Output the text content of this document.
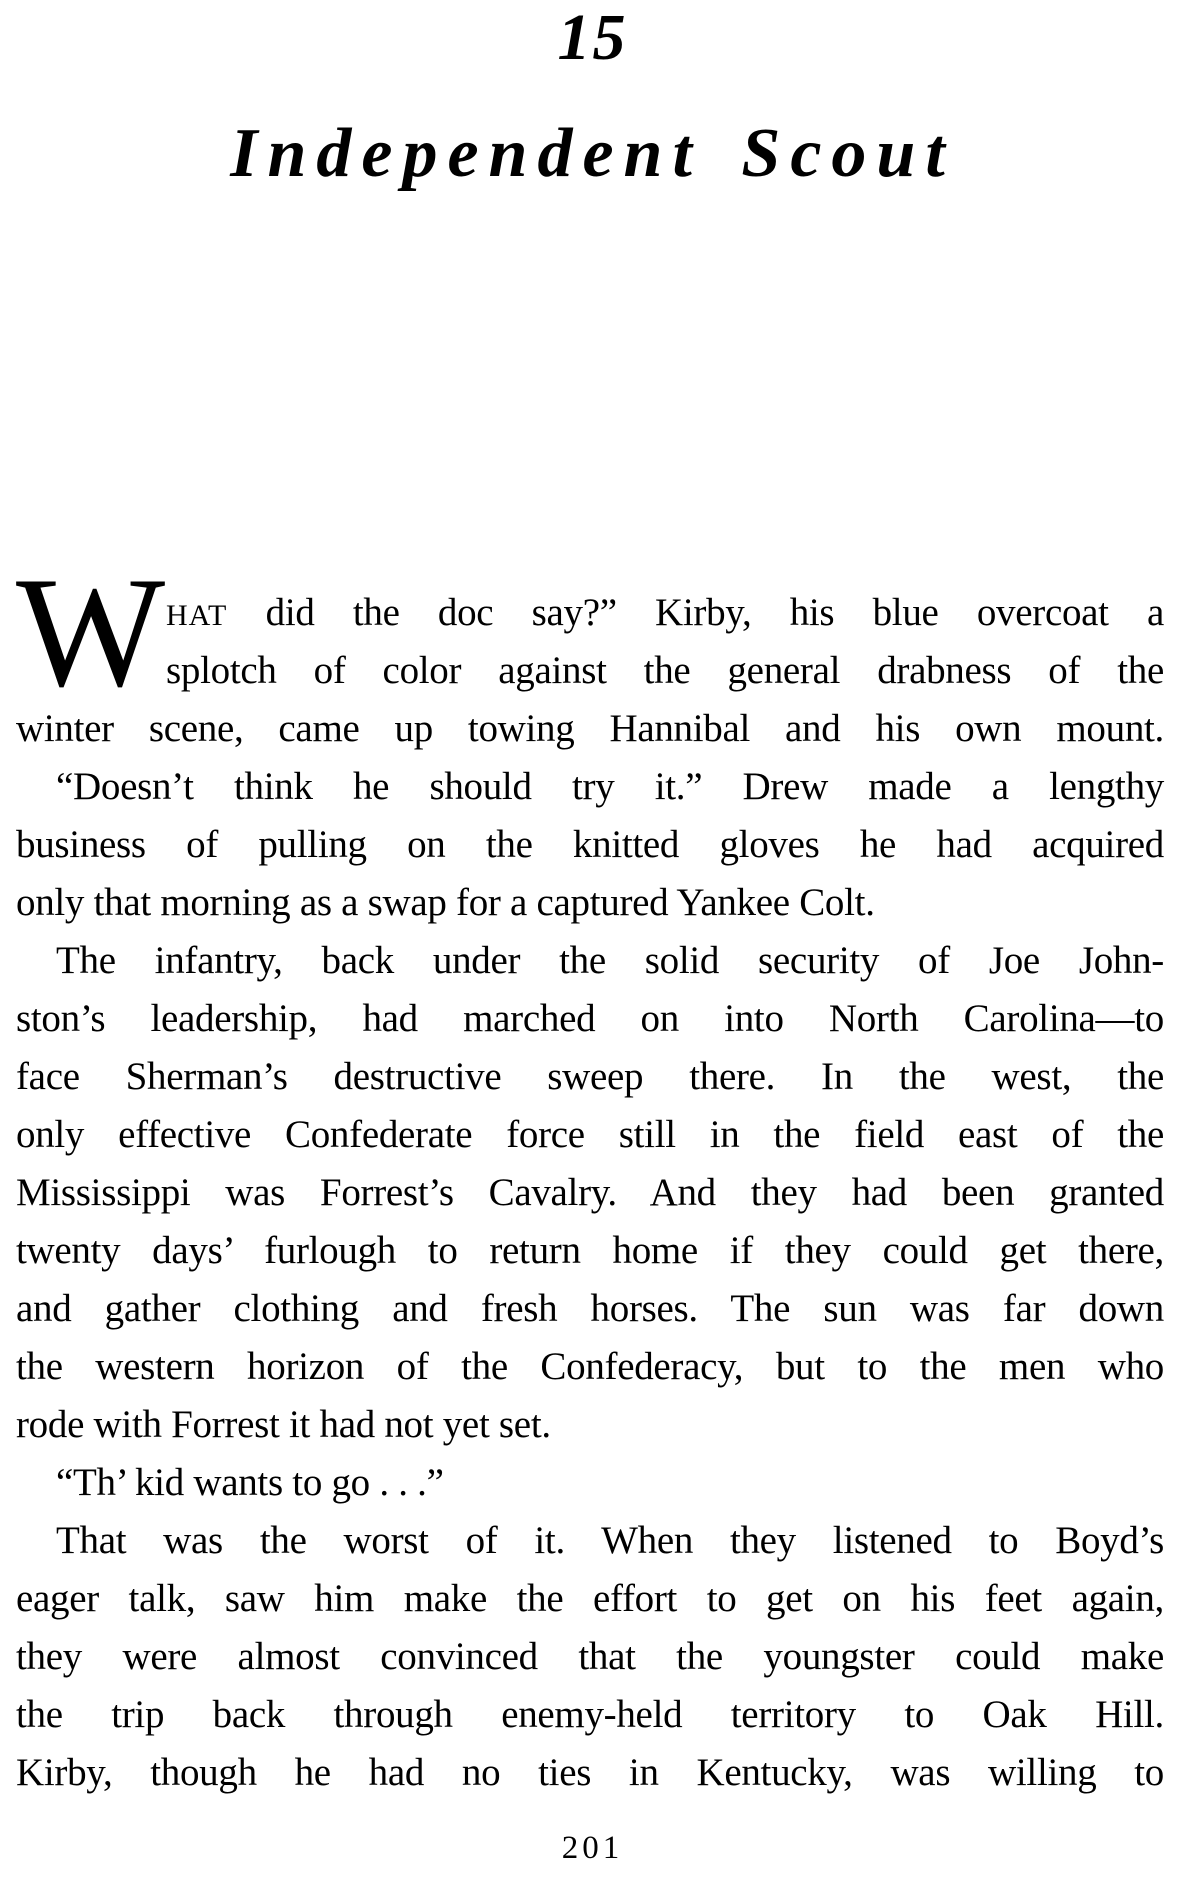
15
Independent Scout
W HAT did the doc say?” Kirby, his blue overcoat a
splotch of color against the general drabness of the
winter scene, came up towing Hannibal and his own mount.
“Doesn’t think he should try it.” Drew made a lengthy
business of pulling on the knitted gloves he had acquired
only that morning as a swap for a captured Yankee Colt.
The infantry, back under the solid security of Joe John-
ston’s leadership, had marched on into North Carolina—to
face Sherman’s destructive sweep there. In the west, the
only effective Confederate force still in the field east of the
Mississippi was Forrest’s Cavalry. And they had been granted
twenty days’ furlough to return home if they could get there,
and gather clothing and fresh horses. The sun was far down
the western horizon of the Confederacy, but to the men who
rode with Forrest it had not yet set.
“Th’ kid wants to go . . .”
That was the worst of it. When they listened to Boyd’s
eager talk, saw him make the effort to get on his feet again,
they were almost convinced that the youngster could make
the trip back through enemy-held territory to Oak Hill.
Kirby, though he had no ties in Kentucky, was willing to
201
